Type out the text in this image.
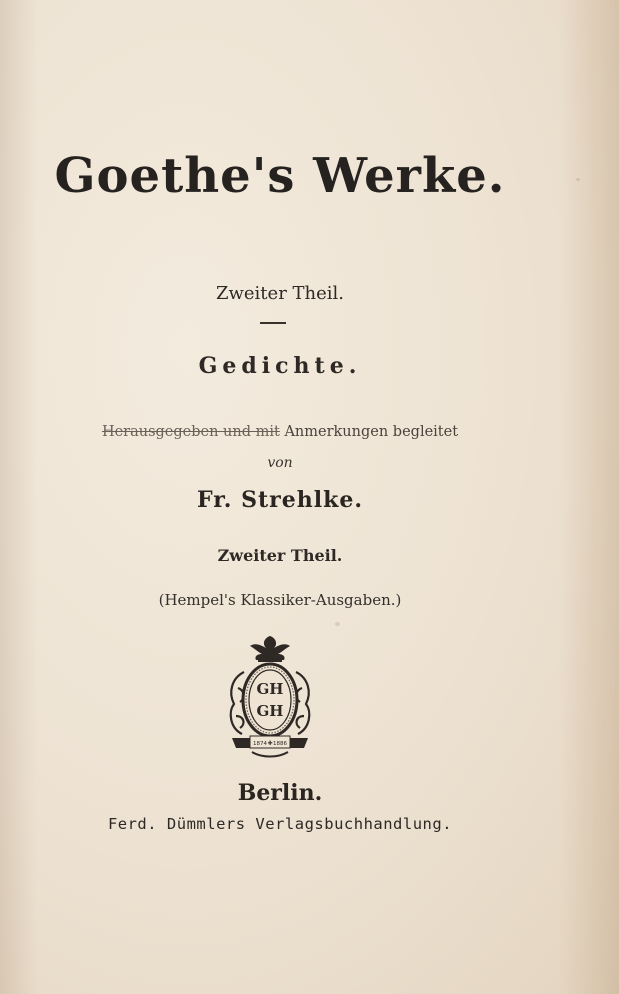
Goethe's Werke.
Zweiter Theil.
Gedichte.
Herausgegeben und mit Anmerkungen begleitet
von
Fr. Strehlke.
Zweiter Theil.
(Hempel's Klassiker-Ausgaben.)
GH
GH
1874 ✚ 1886
Berlin.
Ferd. Dümmlers Verlagsbuchhandlung.
